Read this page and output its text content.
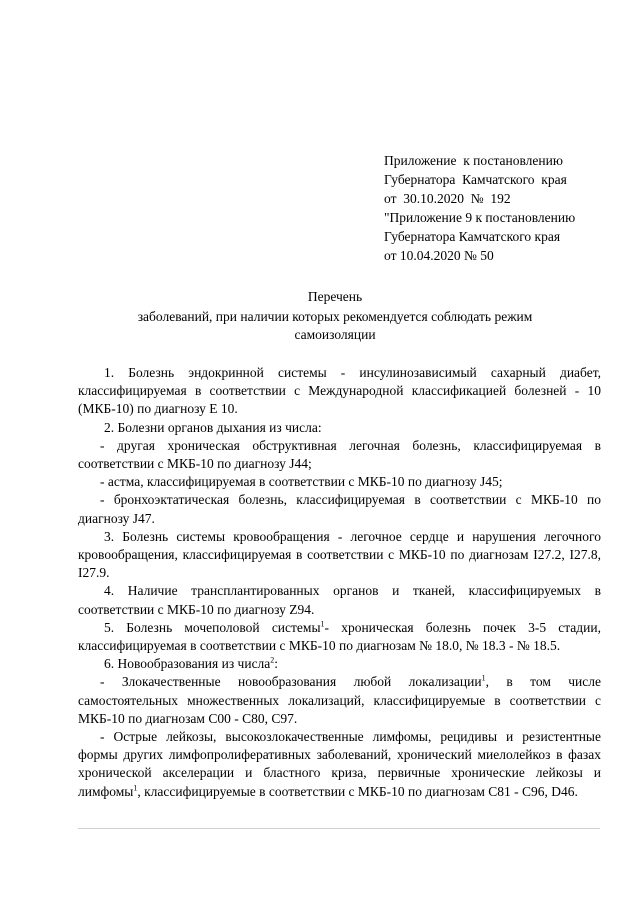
Приложение  к постановлению
Губернатора  Камчатского  края
от  30.10.2020  №  192
"Приложение 9 к постановлению
Губернатора Камчатского края
от 10.04.2020 № 50
Перечень
заболеваний, при наличии которых рекомендуется соблюдать режим самоизоляции

1. Болезнь эндокринной системы - инсулинозависимый сахарный диабет, классифицируемая в соответствии с Международной классификацией болезней - 10 (МКБ-10) по диагнозу Е 10.

2. Болезни органов дыхания из числа:

- другая хроническая обструктивная легочная болезнь, классифицируемая в соответствии с МКБ-10 по диагнозу J44;

- астма, классифицируемая в соответствии с МКБ-10 по диагнозу J45;

- бронхоэктатическая болезнь, классифицируемая в соответствии с МКБ-10 по диагнозу J47.

3. Болезнь системы кровообращения - легочное сердце и нарушения легочного кровообращения, классифицируемая в соответствии с МКБ-10 по диагнозам I27.2, I27.8, I27.9.

4. Наличие трансплантированных органов и тканей, классифицируемых в соответствии с МКБ-10 по диагнозу Z94.

5. Болезнь мочеполовой системы$^1$- хроническая болезнь почек 3-5 стадии, классифицируемая в соответствии с МКБ-10 по диагнозам № 18.0, № 18.3 - № 18.5.

6. Новообразования из числа$^2$:

- Злокачественные новообразования любой локализации$^1$, в том числе самостоятельных множественных локализаций, классифицируемые в соответствии с МКБ-10 по диагнозам С00 - С80, С97.

- Острые лейкозы, высокозлокачественные лимфомы, рецидивы и резистентные формы других лимфопролиферативных заболеваний, хронический миелолейкоз в фазах хронической акселерации и бластного криза, первичные хронические лейкозы и лимфомы$^1$, классифицируемые в соответствии с МКБ-10 по диагнозам С81 - С96, D46.
